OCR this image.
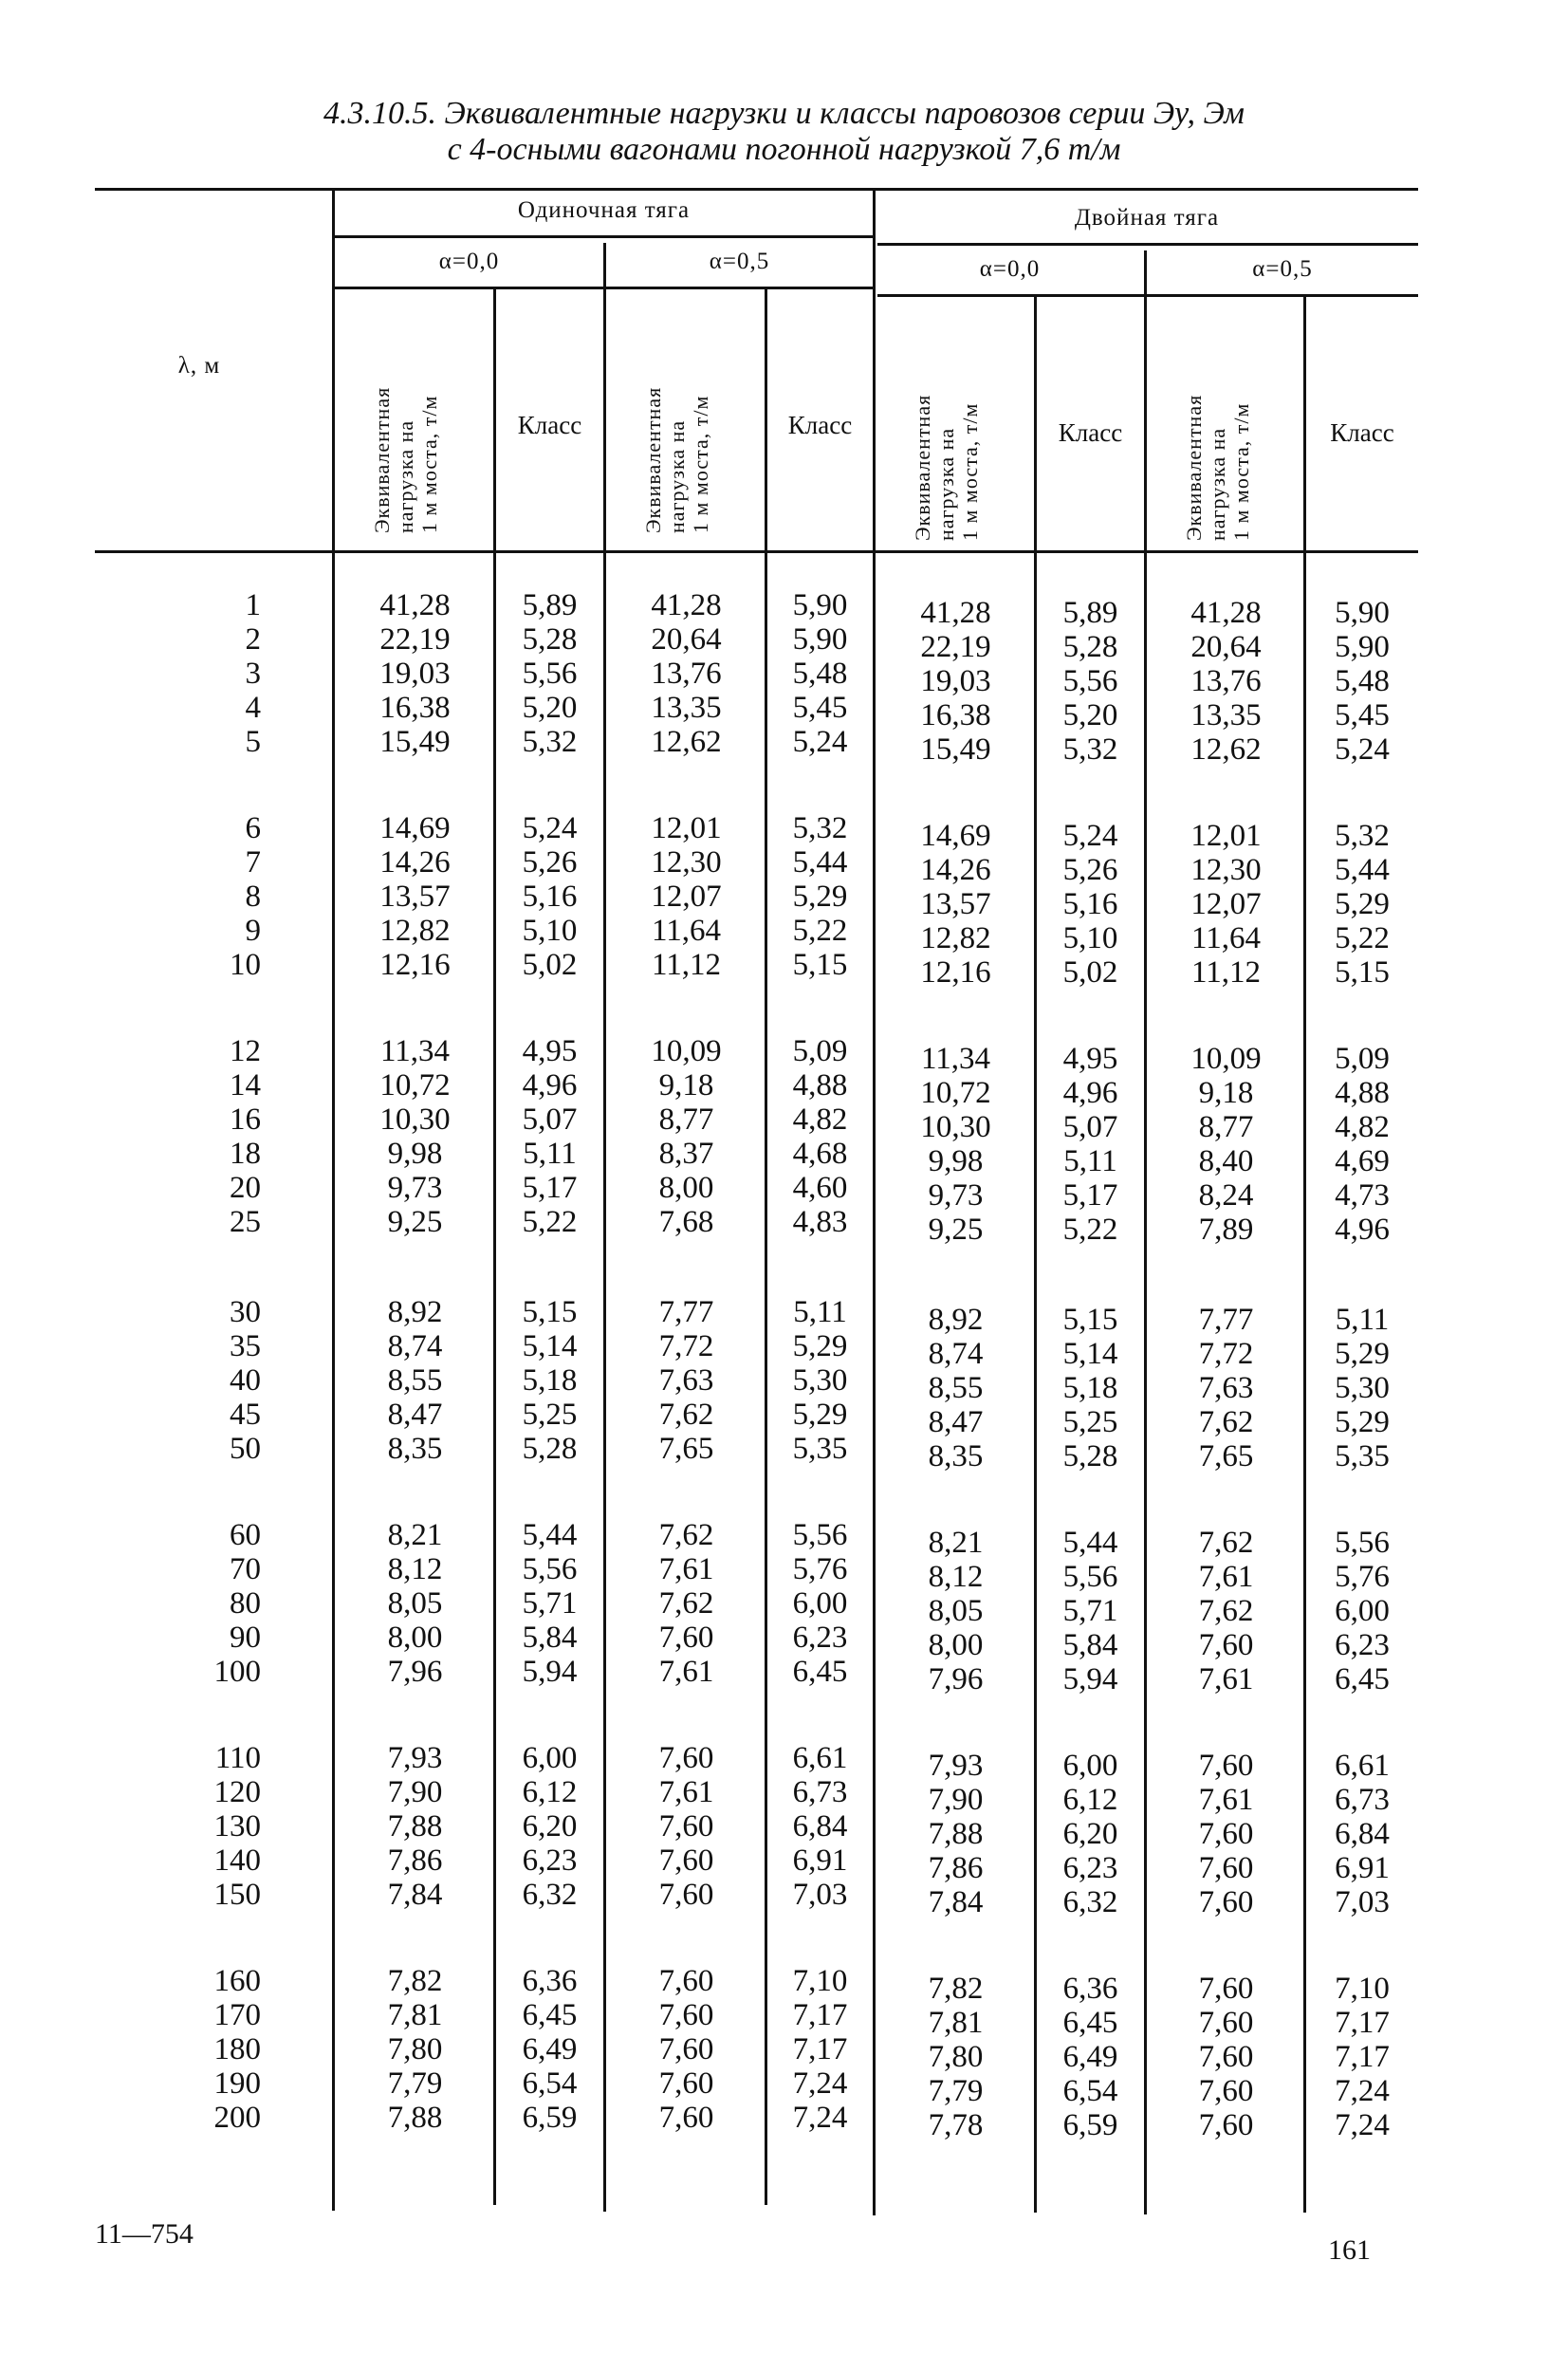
4.3.10.5. Эквивалентные нагрузки и классы паровозов серии Эу, Эм
с 4-осными вагонами погонной нагрузкой 7,6 т/м
λ, м
Одиночная тяга	Двойная тяга
α=0,0	α=0,5	α=0,0	α=0,5
Эквивалентная нагрузка на 1 м моста, т/м	Эквивалентная нагрузка на 1 м моста, т/м	Эквивалентная нагрузка на 1 м моста, т/м	Эквивалентная нагрузка на 1 м моста, т/м
Класс	Класс	Класс	Класс
1	41,28	5,89	41,28	5,90	41,28	5,89	41,28	5,90
2	22,19	5,28	20,64	5,90	22,19	5,28	20,64	5,90
3	19,03	5,56	13,76	5,48	19,03	5,56	13,76	5,48
4	16,38	5,20	13,35	5,45	16,38	5,20	13,35	5,45
5	15,49	5,32	12,62	5,24	15,49	5,32	12,62	5,24
6	14,69	5,24	12,01	5,32	14,69	5,24	12,01	5,32
7	14,26	5,26	12,30	5,44	14,26	5,26	12,30	5,44
8	13,57	5,16	12,07	5,29	13,57	5,16	12,07	5,29
9	12,82	5,10	11,64	5,22	12,82	5,10	11,64	5,22
10	12,16	5,02	11,12	5,15	12,16	5,02	11,12	5,15
12	11,34	4,95	10,09	5,09	11,34	4,95	10,09	5,09
14	10,72	4,96	9,18	4,88	10,72	4,96	9,18	4,88
16	10,30	5,07	8,77	4,82	10,30	5,07	8,77	4,82
18	9,98	5,11	8,37	4,68	9,98	5,11	8,40	4,69
20	9,73	5,17	8,00	4,60	9,73	5,17	8,24	4,73
25	9,25	5,22	7,68	4,83	9,25	5,22	7,89	4,96
30	8,92	5,15	7,77	5,11	8,92	5,15	7,77	5,11
35	8,74	5,14	7,72	5,29	8,74	5,14	7,72	5,29
40	8,55	5,18	7,63	5,30	8,55	5,18	7,63	5,30
45	8,47	5,25	7,62	5,29	8,47	5,25	7,62	5,29
50	8,35	5,28	7,65	5,35	8,35	5,28	7,65	5,35
60	8,21	5,44	7,62	5,56	8,21	5,44	7,62	5,56
70	8,12	5,56	7,61	5,76	8,12	5,56	7,61	5,76
80	8,05	5,71	7,62	6,00	8,05	5,71	7,62	6,00
90	8,00	5,84	7,60	6,23	8,00	5,84	7,60	6,23
100	7,96	5,94	7,61	6,45	7,96	5,94	7,61	6,45
110	7,93	6,00	7,60	6,61	7,93	6,00	7,60	6,61
120	7,90	6,12	7,61	6,73	7,90	6,12	7,61	6,73
130	7,88	6,20	7,60	6,84	7,88	6,20	7,60	6,84
140	7,86	6,23	7,60	6,91	7,86	6,23	7,60	6,91
150	7,84	6,32	7,60	7,03	7,84	6,32	7,60	7,03
160	7,82	6,36	7,60	7,10	7,82	6,36	7,60	7,10
170	7,81	6,45	7,60	7,17	7,81	6,45	7,60	7,17
180	7,80	6,49	7,60	7,17	7,80	6,49	7,60	7,17
190	7,79	6,54	7,60	7,24	7,79	6,54	7,60	7,24
200	7,88	6,59	7,60	7,24	7,78	6,59	7,60	7,24
11—754
161
